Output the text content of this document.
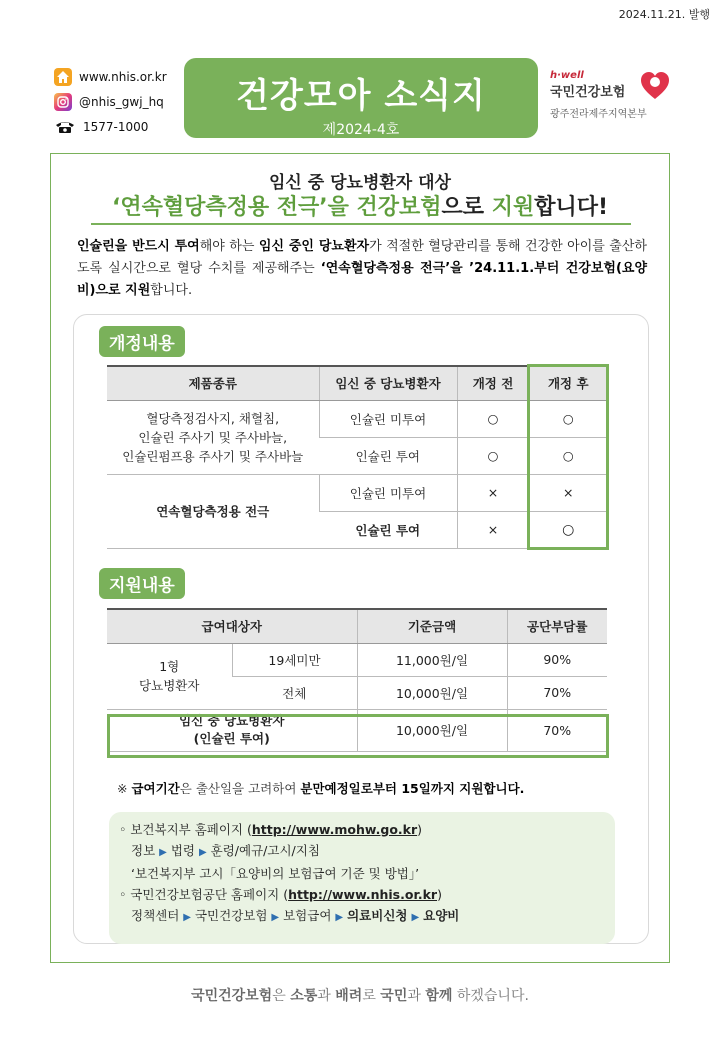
2024.11.21. 발행
www.nhis.or.kr
@nhis_gwj_hq
1577-1000
건강모아 소식지
제2024-4호
h·well
국민건강보험
광주전라제주지역본부
임신 중 당뇨병환자 대상
‘연속혈당측정용 전극’을 건강보험으로 지원합니다!
인슐린을 반드시 투여해야 하는 임신 중인 당뇨환자가 적절한 혈당관리를 통해 건강한 아이를 출산하도록 실시간으로 혈당 수치를 제공해주는 ‘연속혈당측정용 전극’을 ’24.11.1.부터 건강보험(요양비)으로 지원합니다.
개정내용
제품종류	임신 중 당뇨병환자	개정 전	개정 후

혈당측정검사지, 채혈침,
인슐린 주사기 및 주사바늘,
인슐린펌프용 주사기 및 주사바늘	인슐린 미투여	○	○
	인슐린 투여	○	○
연속혈당측정용 전극	인슐린 미투여	×	×
	인슐린 투여	×	○
지원내용
급여대상자		기준금액	공단부담률

1형
당뇨병환자	19세미만	11,000원/일	90%
	전체	10,000원/일	70%

임신 중 당뇨병환자
(인슐린 투여)		10,000원/일	70%
※ 급여기간은 출산일을 고려하여 분만예정일로부터 15일까지 지원합니다.
◦ 보건복지부 홈페이지 (http://www.mohw.go.kr)
정보 ▶ 법령 ▶ 훈령/예규/고시/지침
‘보건복지부 고시「요양비의 보험급여 기준 및 방법」’
◦ 국민건강보험공단 홈페이지 (http://www.nhis.or.kr)
정책센터 ▶ 국민건강보험 ▶ 보험급여 ▶ 의료비신청 ▶ 요양비
국민건강보험은 소통과 배려로 국민과 함께 하겠습니다.
